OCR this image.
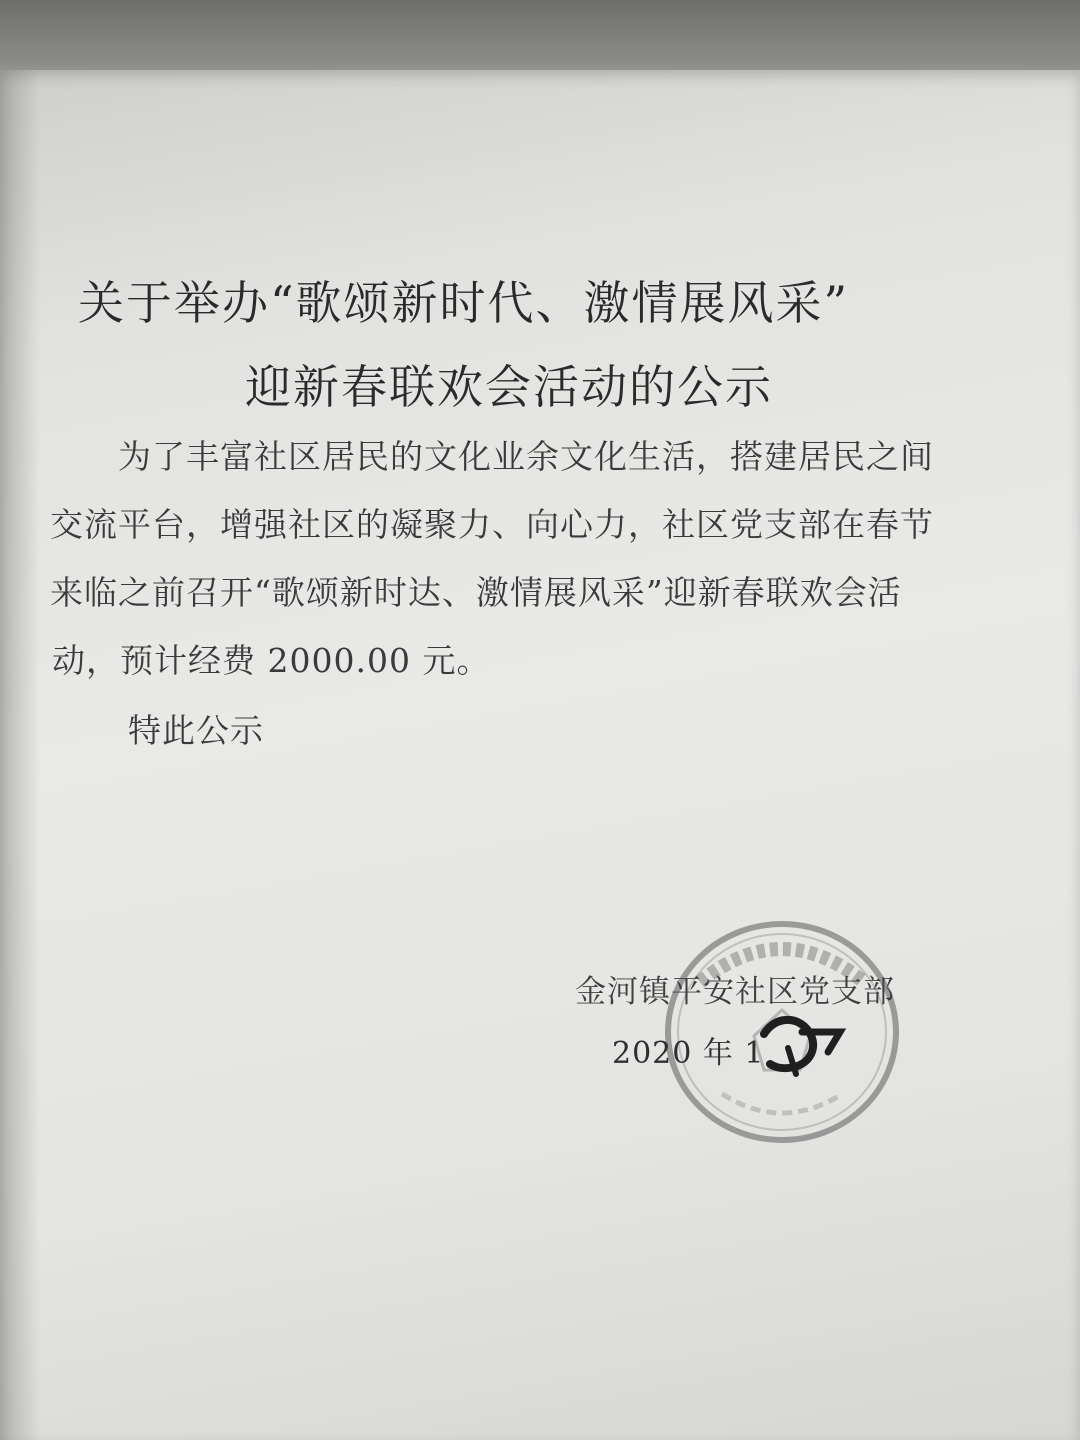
关于举办“歌颂新时代、激情展风采”
迎新春联欢会活动的公示
为了丰富社区居民的文化业余文化生活，搭建居民之间
交流平台，增强社区的凝聚力、向心力，社区党支部在春节
来临之前召开“歌颂新时达、激情展风采”迎新春联欢会活
动，预计经费 2000.00 元。
特此公示
金河镇平安社区党支部
2020 年 1
